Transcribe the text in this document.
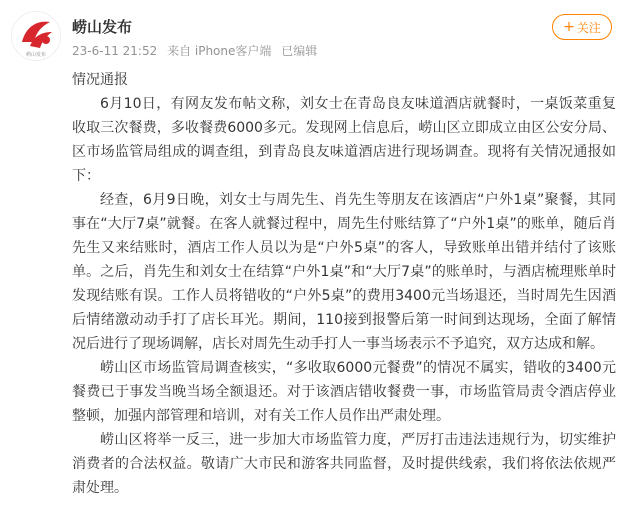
崂山发布
崂山发布
23-6-11 21:52 来自 iPhone客户端 已编辑
+ 关注

情况通报

6月10日，有网友发布帖文称，刘女士在青岛良友味道酒店就餐时，一桌饭菜重复收取三次餐费，多收餐费6000多元。发现网上信息后，崂山区立即成立由区公安分局、区市场监管局组成的调查组，到青岛良友味道酒店进行现场调查。现将有关情况通报如下：

经查，6月9日晚，刘女士与周先生、肖先生等朋友在该酒店“户外1桌”聚餐，其同事在“大厅7桌”就餐。在客人就餐过程中，周先生付账结算了“户外1桌”的账单，随后肖先生又来结账时，酒店工作人员以为是“户外5桌”的客人，导致账单出错并结付了该账单。之后，肖先生和刘女士在结算“户外1桌”和“大厅7桌”的账单时，与酒店梳理账单时发现结账有误。工作人员将错收的“户外5桌”的费用3400元当场退还，当时周先生因酒后情绪激动动手打了店长耳光。期间，110接到报警后第一时间到达现场，全面了解情况后进行了现场调解，店长对周先生动手打人一事当场表示不予追究，双方达成和解。

崂山区市场监管局调查核实，“多收取6000元餐费”的情况不属实，错收的3400元餐费已于事发当晚当场全额退还。对于该酒店错收餐费一事，市场监管局责令酒店停业整顿，加强内部管理和培训，对有关工作人员作出严肃处理。

崂山区将举一反三，进一步加大市场监管力度，严厉打击违法违规行为，切实维护消费者的合法权益。敬请广大市民和游客共同监督，及时提供线索，我们将依法依规严肃处理。
